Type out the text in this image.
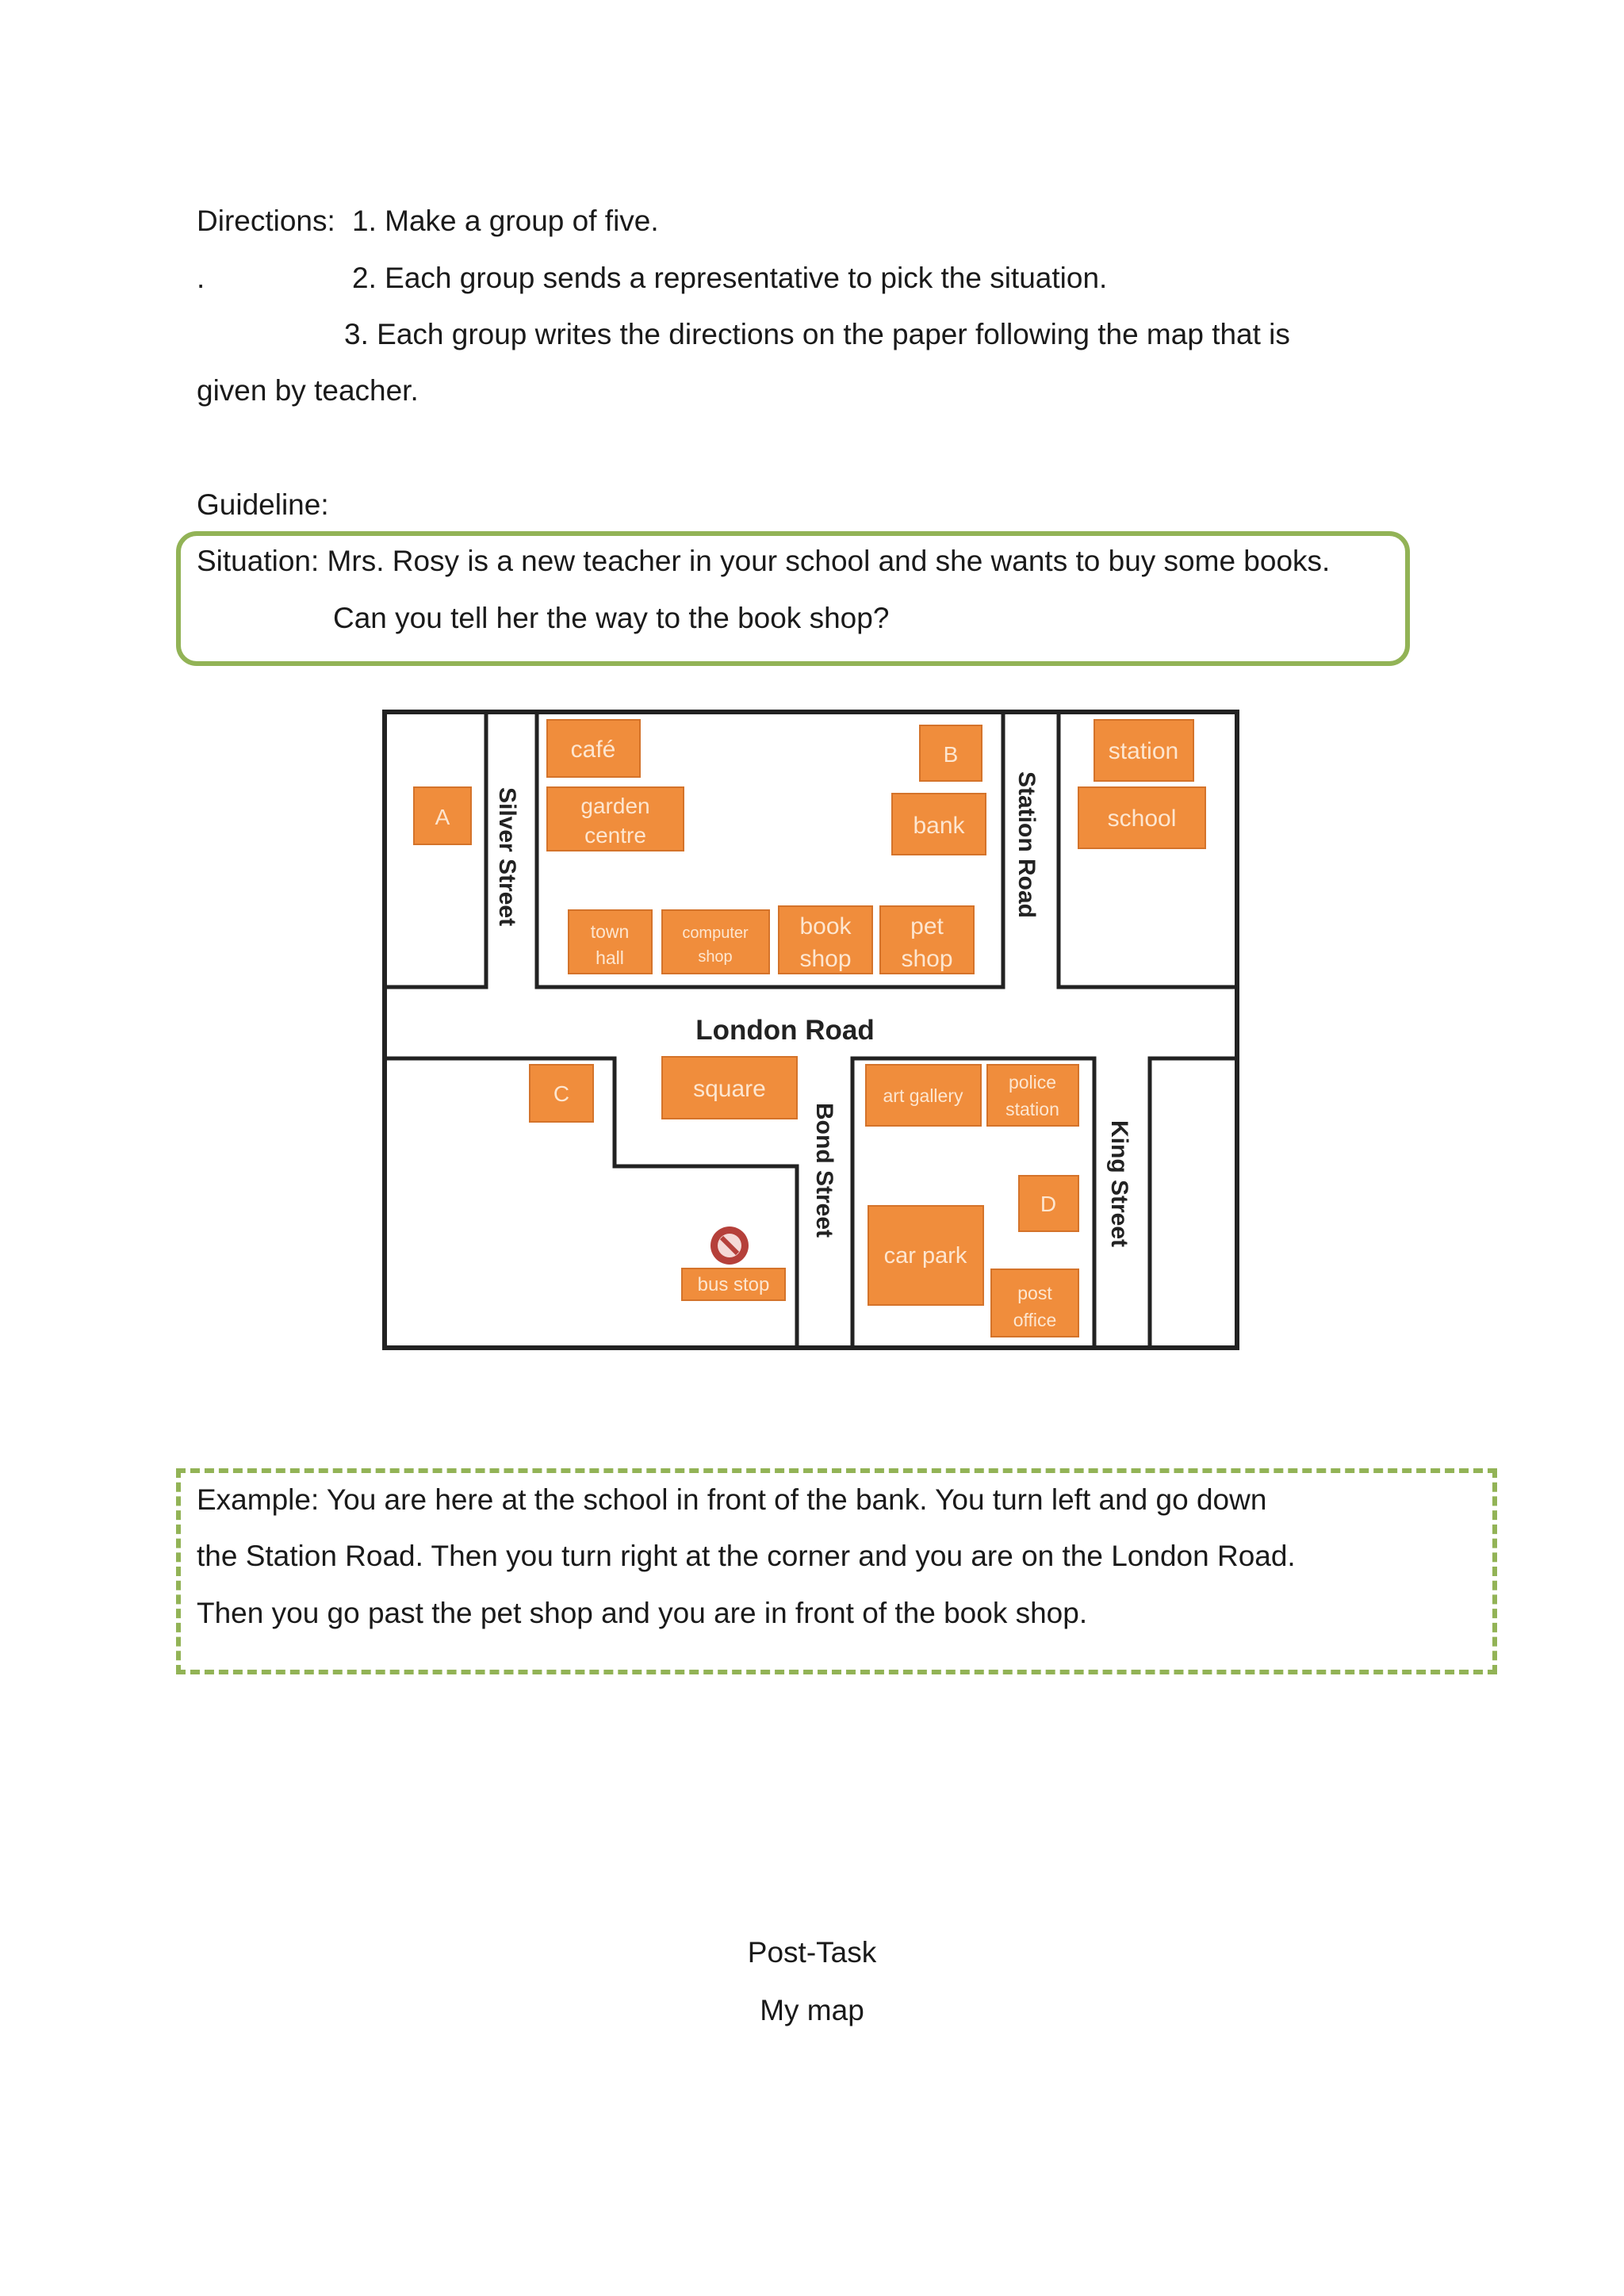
Directions: 1. Make a group of five.

.	2. Each group sends a representative to pick the situation.

3. Each group writes the directions on the paper following the map that is

given by teacher.

Guideline:

Situation: Mrs. Rosy is a new teacher in your school and she wants to buy some books.

Can you tell her the way to the book shop?

Silver Street	Station Road
London Road
Bond Street	King Street
café
garden
centre
B
bank
A
town
hall
computer
shop
book
shop
pet
shop
station
school
C	square	art gallery
police
station
D
car park
post
office
bus stop

Example: You are here at the school in front of the bank. You turn left and go down

the Station Road. Then you turn right at the corner and you are on the London Road.

Then you go past the pet shop and you are in front of the book shop.

Post-Task

My map
